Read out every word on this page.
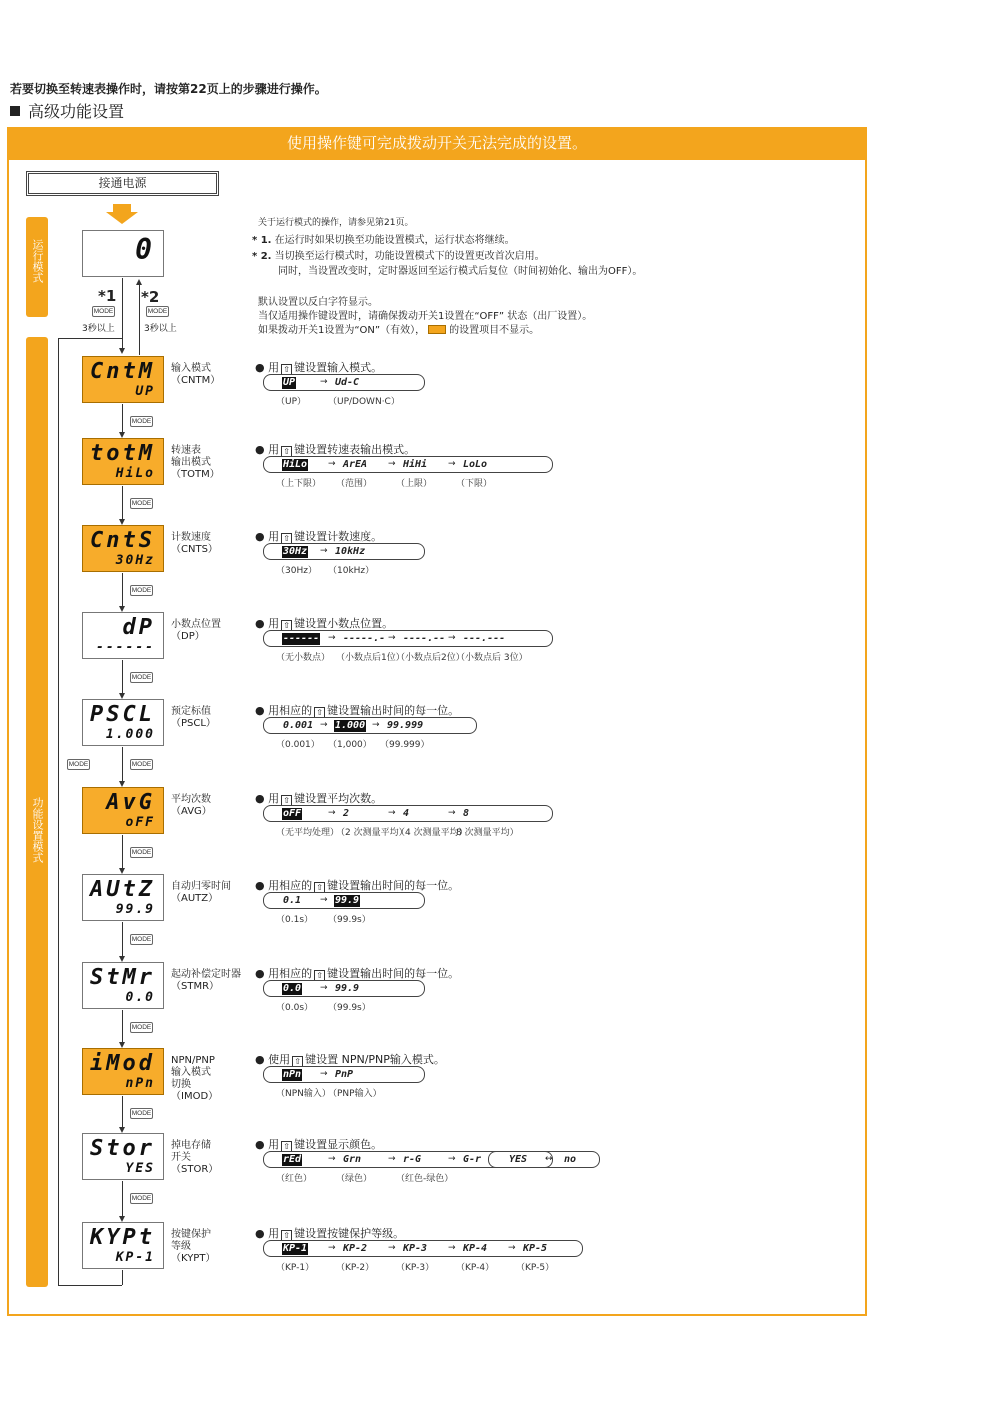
若要切换至转速表操作时，请按第22页上的步骤进行操作。
高级功能设置
使用操作键可完成拨动开关无法完成的设置。
接通电源
运行模式
功能设置模式
0
*1 *2
MODE	MODE
3秒以上	3秒以上
关于运行模式的操作，请参见第21页。
* 1. 在运行时如果切换至功能设置模式，运行状态将继续。
* 2. 当切换至运行模式时，功能设置模式下的设置更改首次启用。
同时，当设置改变时，定时器返回至运行模式后复位（时间初始化、输出为OFF）。
默认设置以反白字符显示。
当仅适用操作键设置时，请确保拨动开关1设置在“OFF” 状态（出厂设置）。
如果拨动开关1设置为“ON”（有效）， 的设置项目不显示。
MODE
CntM
UP
输入模式
（CNTM）
● 用 ⇧ 键设置输入模式。
UP
（UP）
Ud-C
→
（UP/DOWN·C）
MODE
totM
HiLo
转速表
输出模式
（TOTM）
● 用 ⇧ 键设置转速表输出模式。
HiLo
（上下限）
ArEA
→
（范围）
HiHi
→
（上限）
LoLo
→
（下限）
MODE
CntS
30Hz
计数速度
（CNTS）
● 用 ⇧ 键设置计数速度。
30Hz
（30Hz）
10kHz
→
（10kHz）
MODE
dP
------
小数点位置
（DP）
● 用 ⇧ 键设置小数点位置。
------
（无小数点）
-----.-
→
（小数点后1位）
----.--
→
（小数点后2位）
---.---
→
（小数点后 3位）
MODE
PSCL
1.000
预定标值
（PSCL）
● 用相应的 ⇧ 键设置输出时间的每一位。
0.001
（0.001）
1.000
→
（1,000）
99.999
→
（99.999）
MODE
AvG
oFF
平均次数
（AVG）
● 用 ⇧ 键设置平均次数。
oFF
（无平均处理）
2
→
（2 次测量平均）
4
→
（4 次测量平均）
8
→
8 次测量平均）
MODE
AUtZ
99.9
自动归零时间
（AUTZ）
● 用相应的 ⇧ 键设置输出时间的每一位。
0.1
（0.1s）
99.9
→
（99.9s）
MODE
StMr
0.0
起动补偿定时器
（STMR）
● 用相应的 ⇧ 键设置输出时间的每一位。
0.0
（0.0s）
99.9
→
（99.9s）
MODE
iMod
nPn
NPN/PNP
输入模式
切换
（IMOD）
● 使用 ⇧ 键设置 NPN/PNP输入模式。
nPn
（NPN输入）
PnP
→
（PNP输入）
MODE
Stor
YES
掉电存储
开关
（STOR）
● 用 ⇧ 键设置显示颜色。
rEd
（红色）
Grn
→
（绿色）
r-G
→
（红色-绿色）
G-r
→	YES	no
↔
MODE
KYPt
KP-1
按键保护
等级
（KYPT）
● 用 ⇧ 键设置按键保护等级。
KP-1
（KP-1）
KP-2
→
（KP-2）
KP-3
→
（KP-3）
KP-4
→
（KP-4）
KP-5
→
（KP-5）
